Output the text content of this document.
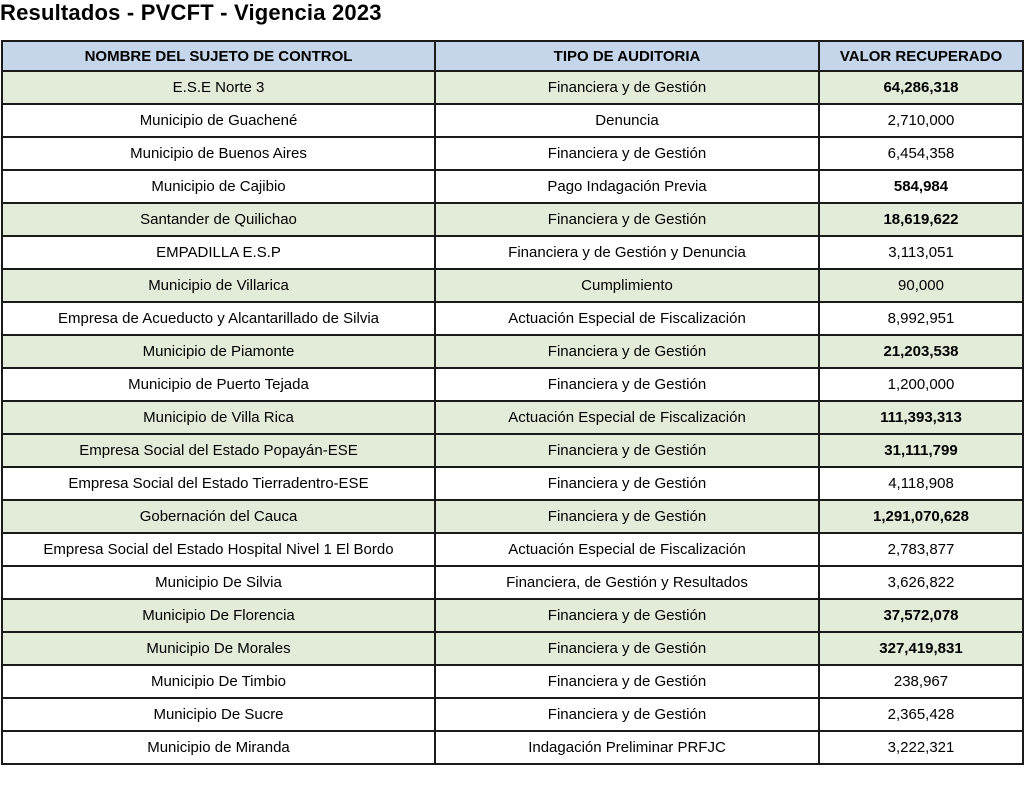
Resultados - PVCFT - Vigencia 2023
NOMBRE DEL SUJETO DE CONTROL	TIPO DE AUDITORIA	VALOR RECUPERADO
E.S.E Norte 3	Financiera y de Gestión	64,286,318
Municipio de Guachené	Denuncia	2,710,000
Municipio de Buenos Aires	Financiera y de Gestión	6,454,358
Municipio de Cajibio	Pago Indagación Previa	584,984
Santander de Quilichao	Financiera y de Gestión	18,619,622
EMPADILLA E.S.P	Financiera y de Gestión y Denuncia	3,113,051
Municipio de Villarica	Cumplimiento	90,000
Empresa de Acueducto y Alcantarillado de Silvia	Actuación Especial de Fiscalización	8,992,951
Municipio de Piamonte	Financiera y de Gestión	21,203,538
Municipio de Puerto Tejada	Financiera y de Gestión	1,200,000
Municipio de Villa Rica	Actuación Especial de Fiscalización	111,393,313
Empresa Social del Estado Popayán-ESE	Financiera y de Gestión	31,111,799
Empresa Social del Estado Tierradentro-ESE	Financiera y de Gestión	4,118,908
Gobernación del Cauca	Financiera y de Gestión	1,291,070,628
Empresa Social del Estado Hospital Nivel 1 El Bordo	Actuación Especial de Fiscalización	2,783,877
Municipio De Silvia	Financiera, de Gestión y Resultados	3,626,822
Municipio De Florencia	Financiera y de Gestión	37,572,078
Municipio De Morales	Financiera y de Gestión	327,419,831
Municipio De Timbio	Financiera y de Gestión	238,967
Municipio De Sucre	Financiera y de Gestión	2,365,428
Municipio de Miranda	Indagación Preliminar PRFJC	3,222,321
